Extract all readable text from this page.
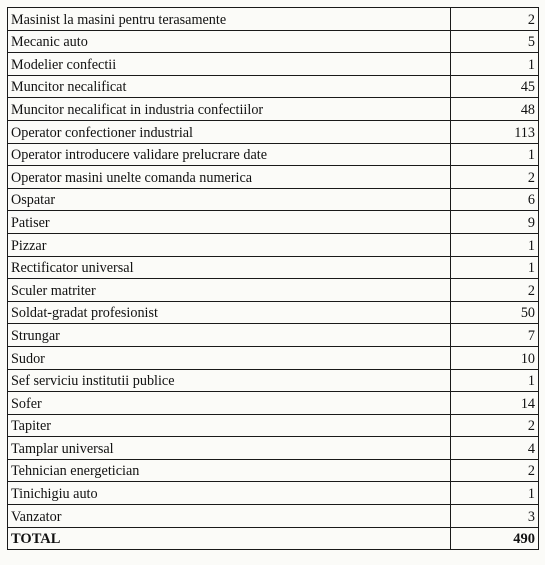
Masinist la masini pentru terasamente	2
Mecanic auto	5
Modelier confectii	1
Muncitor necalificat	45
Muncitor necalificat in industria confectiilor	48
Operator confectioner industrial	113
Operator introducere validare prelucrare date	1
Operator masini unelte comanda numerica	2
Ospatar	6
Patiser	9
Pizzar	1
Rectificator universal	1
Sculer matriter	2
Soldat-gradat profesionist	50
Strungar	7
Sudor	10
Sef serviciu institutii publice	1
Sofer	14
Tapiter	2
Tamplar universal	4
Tehnician energetician	2
Tinichigiu auto	1
Vanzator	3
TOTAL	490
